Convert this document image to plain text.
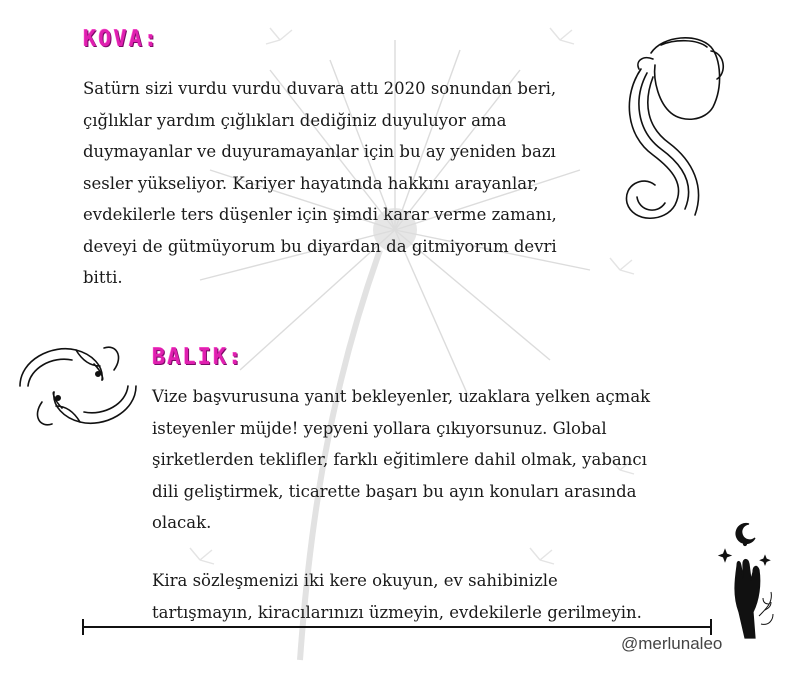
KOVA:

Satürn sizi vurdu vurdu duvara attı 2020 sonundan beri,
çığlıklar yardım çığlıkları dediğiniz duyuluyor ama
duymayanlar ve duyuramayanlar için bu ay yeniden bazı
sesler yükseliyor. Kariyer hayatında hakkını arayanlar,
evdekilerle ters düşenler için şimdi karar verme zamanı,
deveyi de gütmüyorum bu diyardan da gitmiyorum devri
bitti.

BALIK:

Vize başvurusuna yanıt bekleyenler, uzaklara yelken açmak
isteyenler müjde! yepyeni yollara çıkıyorsunuz. Global
şirketlerden teklifler, farklı eğitimlere dahil olmak, yabancı
dili geliştirmek, ticarette başarı bu ayın konuları arasında
olacak.

Kira sözleşmenizi iki kere okuyun, ev sahibinizle
tartışmayın, kiracılarınızı üzmeyin, evdekilerle gerilmeyin.

@merlunaleo
